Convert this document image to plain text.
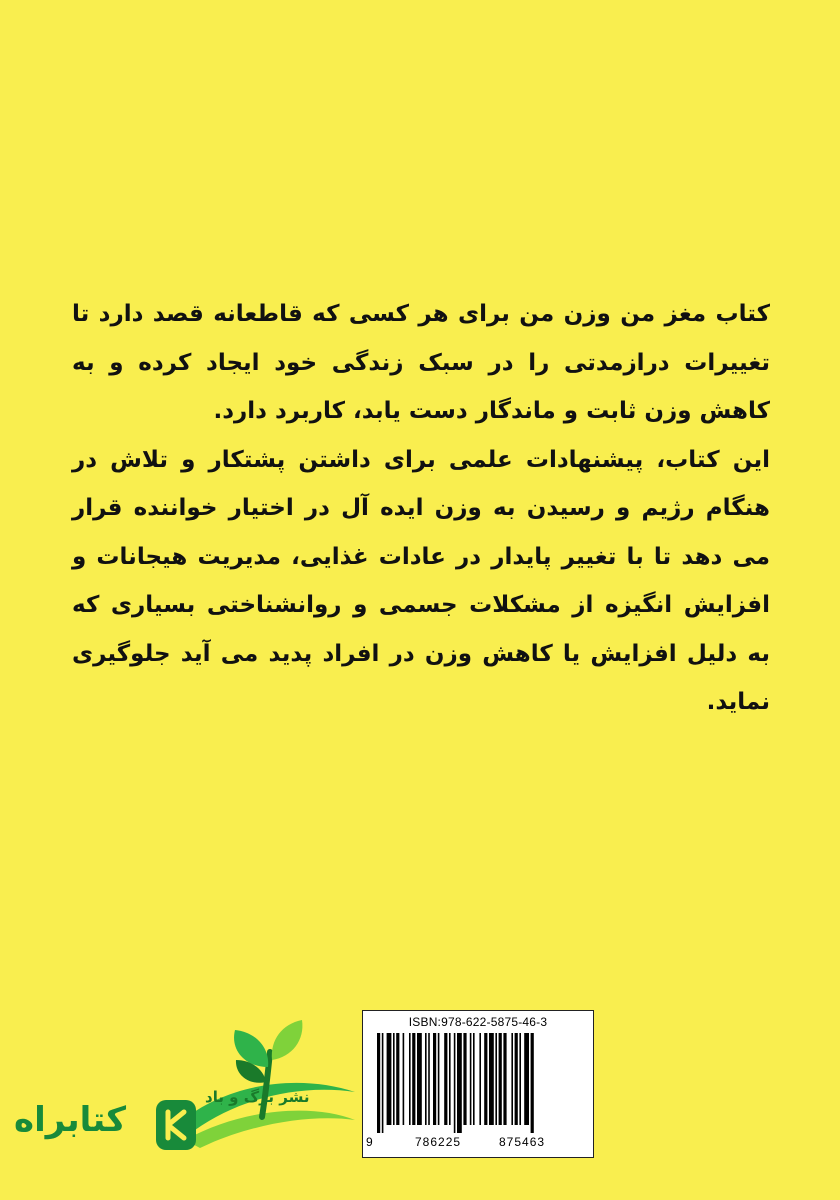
کتاب مغز من وزن من برای هر کسی که قاطعانه قصد دارد تا تغییرات درازمدتی را در سبک زندگی خود ایجاد کرده و به کاهش وزن ثابت و ماندگار دست یابد، کاربرد دارد.

این کتاب، پیشنهادات علمی برای داشتن پشتکار و تلاش در هنگام رژیم و رسیدن به وزن ایده آل در اختیار خواننده قرار می دهد تا با تغییر پایدار در عادات غذایی، مدیریت هیجانات و افزایش انگیزه از مشکلات جسمی و روانشناختی بسیاری که به دلیل افزایش یا کاهش وزن در افراد پدید می آید جلوگیری نماید.

نشر برگ و باد
کتابراه
ISBN:978-622-5875-46-3
9	786225	875463
